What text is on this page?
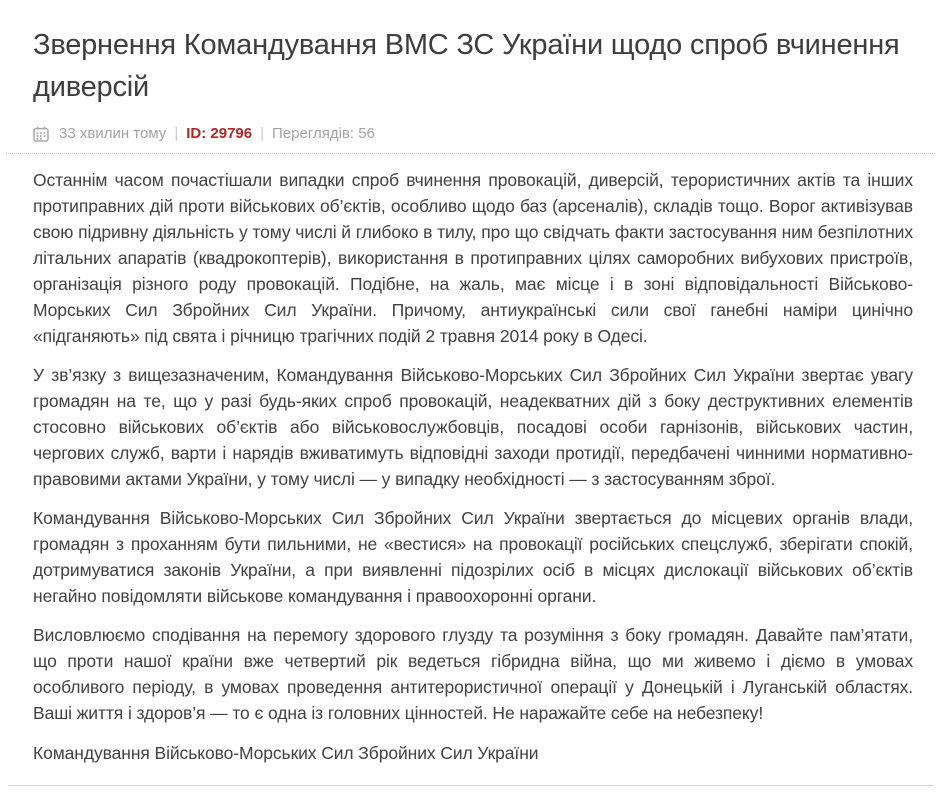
Звернення Командування ВМС ЗС України щодо спроб вчинення диверсій
33 хвилин тому | ID: 29796 | Переглядів: 56

Останнім часом почастішали випадки спроб вчинення провокацій, диверсій, терористичних актів та інших протиправних дій проти військових об’єктів, особливо щодо баз (арсеналів), складів тощо. Ворог активізував свою підривну діяльність у тому числі й глибоко в тилу, про що свідчать факти застосування ним безпілотних літальних апаратів (квадрокоптерів), використання в протиправних цілях саморобних вибухових пристроїв, організація різного роду провокацій. Подібне, на жаль, має місце і в зоні відповідальності Військово-Морських Сил Збройних Сил України. Причому, антиукраїнські сили свої ганебні наміри цинічно «підганяють» під свята і річницю трагічних подій 2 травня 2014 року в Одесі.

У зв’язку з вищезазначеним, Командування Військово-Морських Сил Збройних Сил України звертає увагу громадян на те, що у разі будь-яких спроб провокацій, неадекватних дій з боку деструктивних елементів стосовно військових об’єктів або військовослужбовців, посадові особи гарнізонів, військових частин, чергових служб, варти і нарядів вживатимуть відповідні заходи протидії, передбачені чинними нормативно-правовими актами України, у тому числі — у випадку необхідності — з застосуванням зброї.

Командування Військово-Морських Сил Збройних Сил України звертається до місцевих органів влади, громадян з проханням бути пильними, не «вестися» на провокації російських спецслужб, зберігати спокій, дотримуватися законів України, а при виявленні підозрілих осіб в місцях дислокації військових об’єктів негайно повідомляти військове командування і правоохоронні органи.

Висловлюємо сподівання на перемогу здорового глузду та розуміння з боку громадян. Давайте пам’ятати, що проти нашої країни вже четвертий рік ведеться гібридна війна, що ми живемо і діємо в умовах особливого періоду, в умовах проведення антитерористичної операції у Донецькій і Луганській областях. Ваші життя і здоров’я — то є одна із головних цінностей. Не наражайте себе на небезпеку!

Командування Військово-Морських Сил Збройних Сил України
